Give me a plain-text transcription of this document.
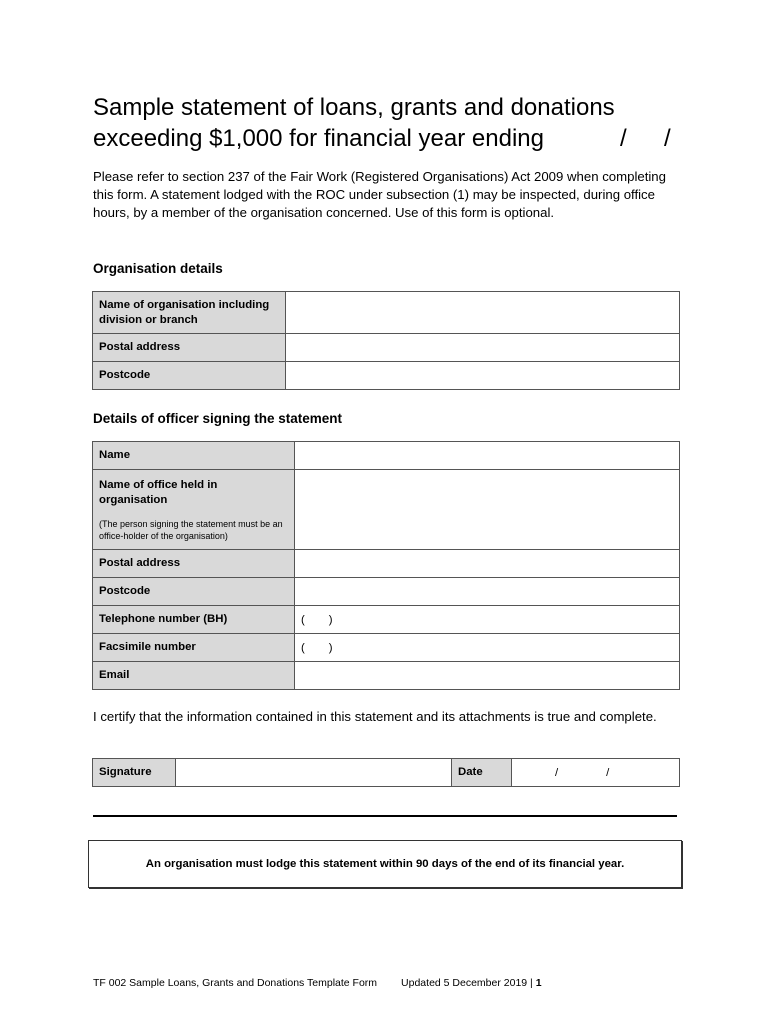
Sample statement of loans, grants and donations
exceeding $1,000 for financial year ending	/ /

Please refer to section 237 of the Fair Work (Registered Organisations) Act 2009 when completing this form. A statement lodged with the ROC under subsection (1) may be inspected, during office hours, by a member of the organisation concerned. Use of this form is optional.

Organisation details
Name of organisation including division or branch	
Postal address	
Postcode	
Details of officer signing the statement
Name	
Name of office held in organisation
(The person signing the statement must be an office-holder of the organisation)	

Postal address	
Postcode	
Telephone number (BH)	( )
Facsimile number	( )
Email	

I certify that the information contained in this statement and its attachments is true and complete.

Signature		Date	/	/
An organisation must lodge this statement within 90 days of the end of its financial year.
TF 002 Sample Loans, Grants and Donations Template Form Updated 5 December 2019 | 1
